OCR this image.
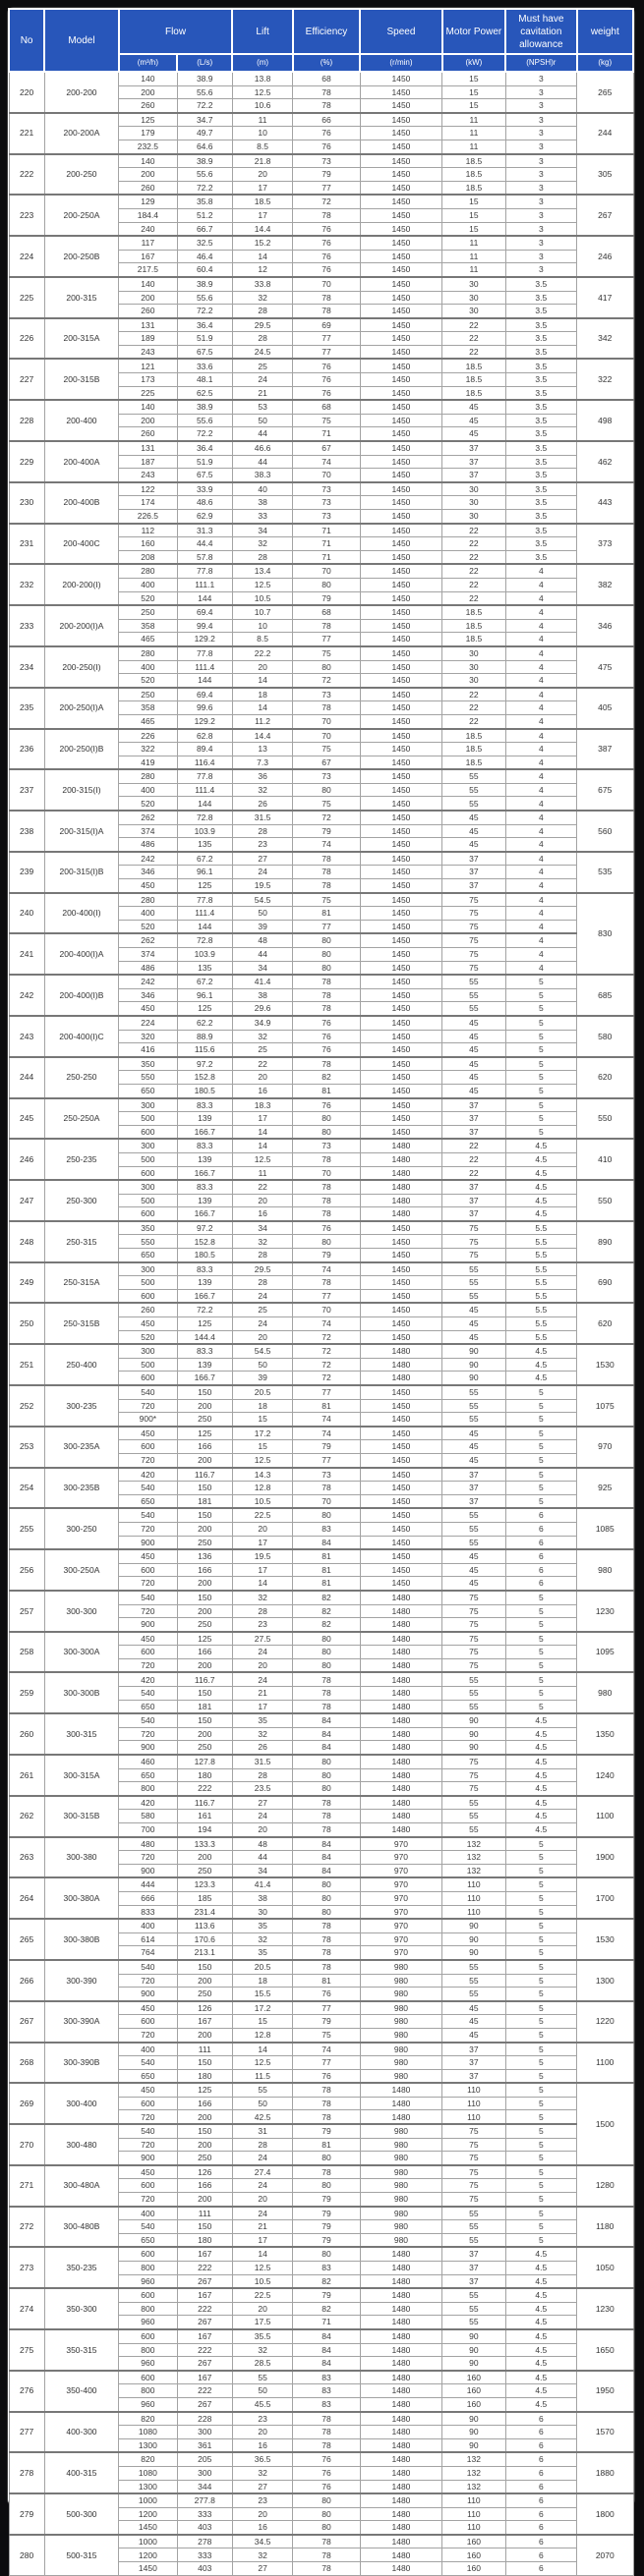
No	Model	Flow		Lift	Efficiency	Speed	Motor Power	Must have cavitation allowance	weight
		(m³/h)	(L/s)	(m)	(%)	(r/min)	(kW)	(NPSH)r	(kg)
220	200-200	140	38.9	13.8	68	1450	15	3	265
		200	55.6	12.5	78	1450	15	3	
		260	72.2	10.6	78	1450	15	3	
221	200-200A	125	34.7	11	66	1450	11	3	244
		179	49.7	10	76	1450	11	3	
		232.5	64.6	8.5	76	1450	11	3	
222	200-250	140	38.9	21.8	73	1450	18.5	3	305
		200	55.6	20	79	1450	18.5	3	
		260	72.2	17	77	1450	18.5	3	
223	200-250A	129	35.8	18.5	72	1450	15	3	267
		184.4	51.2	17	78	1450	15	3	
		240	66.7	14.4	76	1450	15	3	
224	200-250B	117	32.5	15.2	76	1450	11	3	246
		167	46.4	14	76	1450	11	3	
		217.5	60.4	12	76	1450	11	3	
225	200-315	140	38.9	33.8	70	1450	30	3.5	417
		200	55.6	32	78	1450	30	3.5	
		260	72.2	28	78	1450	30	3.5	
226	200-315A	131	36.4	29.5	69	1450	22	3.5	342
		189	51.9	28	77	1450	22	3.5	
		243	67.5	24.5	77	1450	22	3.5	
227	200-315B	121	33.6	25	76	1450	18.5	3.5	322
		173	48.1	24	76	1450	18.5	3.5	
		225	62.5	21	76	1450	18.5	3.5	
228	200-400	140	38.9	53	68	1450	45	3.5	498
		200	55.6	50	75	1450	45	3.5	
		260	72.2	44	71	1450	45	3.5	
229	200-400A	131	36.4	46.6	67	1450	37	3.5	462
		187	51.9	44	74	1450	37	3.5	
		243	67.5	38.3	70	1450	37	3.5	
230	200-400B	122	33.9	40	73	1450	30	3.5	443
		174	48.6	38	73	1450	30	3.5	
		226.5	62.9	33	73	1450	30	3.5	
231	200-400C	112	31.3	34	71	1450	22	3.5	373
		160	44.4	32	71	1450	22	3.5	
		208	57.8	28	71	1450	22	3.5	
232	200-200(I)	280	77.8	13.4	70	1450	22	4	382
		400	111.1	12.5	80	1450	22	4	
		520	144	10.5	79	1450	22	4	
233	200-200(I)A	250	69.4	10.7	68	1450	18.5	4	346
		358	99.4	10	78	1450	18.5	4	
		465	129.2	8.5	77	1450	18.5	4	
234	200-250(I)	280	77.8	22.2	75	1450	30	4	475
		400	111.4	20	80	1450	30	4	
		520	144	14	72	1450	30	4	
235	200-250(I)A	250	69.4	18	73	1450	22	4	405
		358	99.6	14	78	1450	22	4	
		465	129.2	11.2	70	1450	22	4	
236	200-250(I)B	226	62.8	14.4	70	1450	18.5	4	387
		322	89.4	13	75	1450	18.5	4	
		419	116.4	7.3	67	1450	18.5	4	
237	200-315(I)	280	77.8	36	73	1450	55	4	675
		400	111.4	32	80	1450	55	4	
		520	144	26	75	1450	55	4	
238	200-315(I)A	262	72.8	31.5	72	1450	45	4	560
		374	103.9	28	79	1450	45	4	
		486	135	23	74	1450	45	4	
239	200-315(I)B	242	67.2	27	78	1450	37	4	535
		346	96.1	24	78	1450	37	4	
		450	125	19.5	78	1450	37	4	
240	200-400(I)	280	77.8	54.5	75	1450	75	4	830
		400	111.4	50	81	1450	75	4	
		520	144	39	77	1450	75	4	
241	200-400(I)A	262	72.8	48	80	1450	75	4	
		374	103.9	44	80	1450	75	4	
		486	135	34	80	1450	75	4	
242	200-400(I)B	242	67.2	41.4	78	1450	55	5	685
		346	96.1	38	78	1450	55	5	
		450	125	29.6	78	1450	55	5	
243	200-400(I)C	224	62.2	34.9	76	1450	45	5	580
		320	88.9	32	76	1450	45	5	
		416	115.6	25	76	1450	45	5	
244	250-250	350	97.2	22	78	1450	45	5	620
		550	152.8	20	82	1450	45	5	
		650	180.5	16	81	1450	45	5	
245	250-250A	300	83.3	18.3	76	1450	37	5	550
		500	139	17	80	1450	37	5	
		600	166.7	14	80	1450	37	5	
246	250-235	300	83.3	14	73	1480	22	4.5	410
		500	139	12.5	78	1480	22	4.5	
		600	166.7	11	70	1480	22	4.5	
247	250-300	300	83.3	22	78	1480	37	4.5	550
		500	139	20	78	1480	37	4.5	
		600	166.7	16	78	1480	37	4.5	
248	250-315	350	97.2	34	76	1450	75	5.5	890
		550	152.8	32	80	1450	75	5.5	
		650	180.5	28	79	1450	75	5.5	
249	250-315A	300	83.3	29.5	74	1450	55	5.5	690
		500	139	28	78	1450	55	5.5	
		600	166.7	24	77	1450	55	5.5	
250	250-315B	260	72.2	25	70	1450	45	5.5	620
		450	125	24	74	1450	45	5.5	
		520	144.4	20	72	1450	45	5.5	
251	250-400	300	83.3	54.5	72	1480	90	4.5	1530
		500	139	50	72	1480	90	4.5	
		600	166.7	39	72	1480	90	4.5	
252	300-235	540	150	20.5	77	1450	55	5	1075
		720	200	18	81	1450	55	5	
		900*	250	15	74	1450	55	5	
253	300-235A	450	125	17.2	74	1450	45	5	970
		600	166	15	79	1450	45	5	
		720	200	12.5	77	1450	45	5	
254	300-235B	420	116.7	14.3	73	1450	37	5	925
		540	150	12.8	78	1450	37	5	
		650	181	10.5	70	1450	37	5	
255	300-250	540	150	22.5	80	1450	55	6	1085
		720	200	20	83	1450	55	6	
		900	250	17	84	1450	55	6	
256	300-250A	450	136	19.5	81	1450	45	6	980
		600	166	17	81	1450	45	6	
		720	200	14	81	1450	45	6	
257	300-300	540	150	32	82	1480	75	5	1230
		720	200	28	82	1480	75	5	
		900	250	23	82	1480	75	5	
258	300-300A	450	125	27.5	80	1480	75	5	1095
		600	166	24	80	1480	75	5	
		720	200	20	80	1480	75	5	
259	300-300B	420	116.7	24	78	1480	55	5	980
		540	150	21	78	1480	55	5	
		650	181	17	78	1480	55	5	
260	300-315	540	150	35	84	1480	90	4.5	1350
		720	200	32	84	1480	90	4.5	
		900	250	26	84	1480	90	4.5	
261	300-315A	460	127.8	31.5	80	1480	75	4.5	1240
		650	180	28	80	1480	75	4.5	
		800	222	23.5	80	1480	75	4.5	
262	300-315B	420	116.7	27	78	1480	55	4.5	1100
		580	161	24	78	1480	55	4.5	
		700	194	20	78	1480	55	4.5	
263	300-380	480	133.3	48	84	970	132	5	1900
		720	200	44	84	970	132	5	
		900	250	34	84	970	132	5	
264	300-380A	444	123.3	41.4	80	970	110	5	1700
		666	185	38	80	970	110	5	
		833	231.4	30	80	970	110	5	
265	300-380B	400	113.6	35	78	970	90	5	1530
		614	170.6	32	78	970	90	5	
		764	213.1	35	78	970	90	5	
266	300-390	540	150	20.5	78	980	55	5	1300
		720	200	18	81	980	55	5	
		900	250	15.5	76	980	55	5	
267	300-390A	450	126	17.2	77	980	45	5	1220
		600	167	15	79	980	45	5	
		720	200	12.8	75	980	45	5	
268	300-390B	400	111	14	74	980	37	5	1100
		540	150	12.5	77	980	37	5	
		650	180	11.5	76	980	37	5	
269	300-400	450	125	55	78	1480	110	5	1500
		600	166	50	78	1480	110	5	
		720	200	42.5	78	1480	110	5	
270	300-480	540	150	31	79	980	75	5	
		720	200	28	81	980	75	5	
		900	250	24	80	980	75	5	
271	300-480A	450	126	27.4	78	980	75	5	1280
		600	166	24	80	980	75	5	
		720	200	20	79	980	75	5	
272	300-480B	400	111	24	79	980	55	5	1180
		540	150	21	79	980	55	5	
		650	180	17	79	980	55	5	
273	350-235	600	167	14	80	1480	37	4.5	1050
		800	222	12.5	83	1480	37	4.5	
		960	267	10.5	82	1480	37	4.5	
274	350-300	600	167	22.5	79	1480	55	4.5	1230
		800	222	20	82	1480	55	4.5	
		960	267	17.5	71	1480	55	4.5	
275	350-315	600	167	35.5	84	1480	90	4.5	1650
		800	222	32	84	1480	90	4.5	
		960	267	28.5	84	1480	90	4.5	
276	350-400	600	167	55	83	1480	160	4.5	1950
		800	222	50	83	1480	160	4.5	
		960	267	45.5	83	1480	160	4.5	
277	400-300	820	228	23	78	1480	90	6	1570
		1080	300	20	78	1480	90	6	
		1300	361	16	78	1480	90	6	
278	400-315	820	205	36.5	76	1480	132	6	1880
		1080	300	32	76	1480	132	6	
		1300	344	27	76	1480	132	6	
279	500-300	1000	277.8	23	80	1480	110	6	1800
		1200	333	20	80	1480	110	6	
		1450	403	16	80	1480	110	6	
280	500-315	1000	278	34.5	78	1480	160	6	2070
		1200	333	32	78	1480	160	6	
		1450	403	27	78	1480	160	6	
